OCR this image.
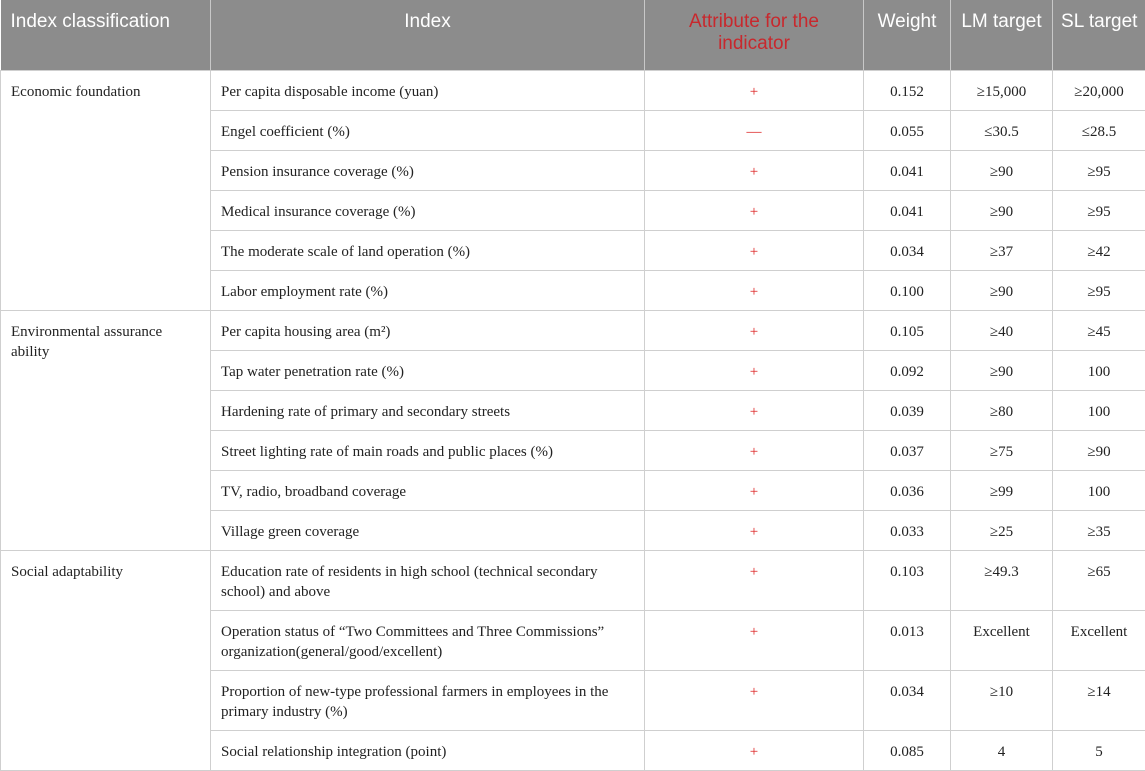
Index classification	Index	Attribute for the indicator	Weight	LM target	SL target
Economic foundation	Per capita disposable income (yuan)	+	0.152	≥15,000	≥20,000
	Engel coefficient (%)	—	0.055	≤30.5	≤28.5
	Pension insurance coverage (%)	+	0.041	≥90	≥95
	Medical insurance coverage (%)	+	0.041	≥90	≥95
	The moderate scale of land operation (%)	+	0.034	≥37	≥42
	Labor employment rate (%)	+	0.100	≥90	≥95
Environmental assurance ability	Per capita housing area (m²)	+	0.105	≥40	≥45
	Tap water penetration rate (%)	+	0.092	≥90	100
	Hardening rate of primary and secondary streets	+	0.039	≥80	100
	Street lighting rate of main roads and public places (%)	+	0.037	≥75	≥90
	TV, radio, broadband coverage	+	0.036	≥99	100
	Village green coverage	+	0.033	≥25	≥35
Social adaptability	Education rate of residents in high school (technical secondary school) and above	+	0.103	≥49.3	≥65
	Operation status of “Two Committees and Three Commissions” organization(general/good/excellent)	+	0.013	Excellent	Excellent
	Proportion of new-type professional farmers in employees in the primary industry (%)	+	0.034	≥10	≥14
	Social relationship integration (point)	+	0.085	4	5
